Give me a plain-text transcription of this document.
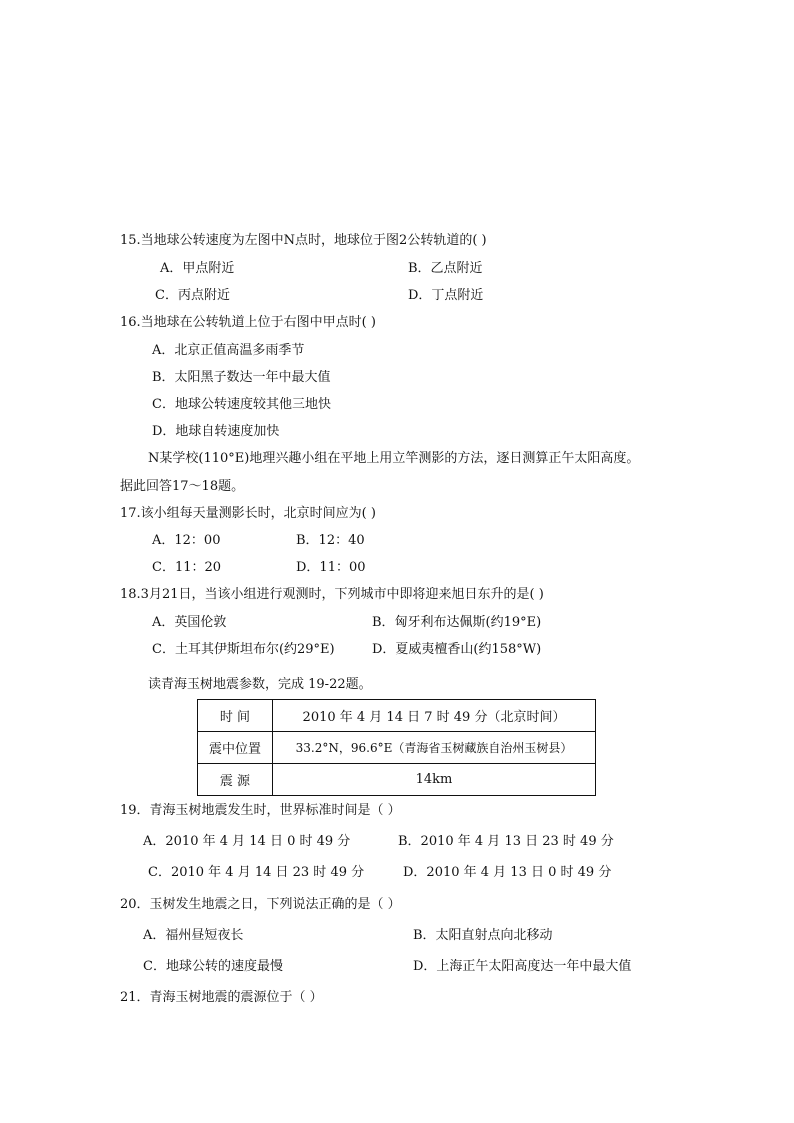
15.当地球公转速度为左图中N点时，地球位于图2公转轨道的( )
A．甲点附近	B．乙点附近
C．丙点附近	D．丁点附近
16.当地球在公转轨道上位于右图中甲点时( )
A．北京正值高温多雨季节
B．太阳黑子数达一年中最大值
C．地球公转速度较其他三地快
D．地球自转速度加快
N某学校(110°E)地理兴趣小组在平地上用立竿测影的方法，逐日测算正午太阳高度。
据此回答17～18题。
17.该小组每天量测影长时，北京时间应为( )
A．12：00	B．12：40
C．11：20	D．11：00
18.3月21日，当该小组进行观测时，下列城市中即将迎来旭日东升的是( )
A．英国伦敦	B．匈牙利布达佩斯(约19°E)
C．土耳其伊斯坦布尔(约29°E)	D．夏威夷檀香山(约158°W)
读青海玉树地震参数，完成 19-22题。
时 间	2010 年 4 月 14 日 7 时 49 分（北京时间）
震中位置	33.2°N，96.6°E（青海省玉树藏族自治州玉树县）
震 源	14km
19．青海玉树地震发生时，世界标准时间是（ ）
A．2010 年 4 月 14 日 0 时 49 分	B．2010 年 4 月 13 日 23 时 49 分
C．2010 年 4 月 14 日 23 时 49 分	D．2010 年 4 月 13 日 0 时 49 分
20．玉树发生地震之日，下列说法正确的是（ ）
A．福州昼短夜长	B．太阳直射点向北移动
C．地球公转的速度最慢	D．上海正午太阳高度达一年中最大值
21．青海玉树地震的震源位于（ ）
